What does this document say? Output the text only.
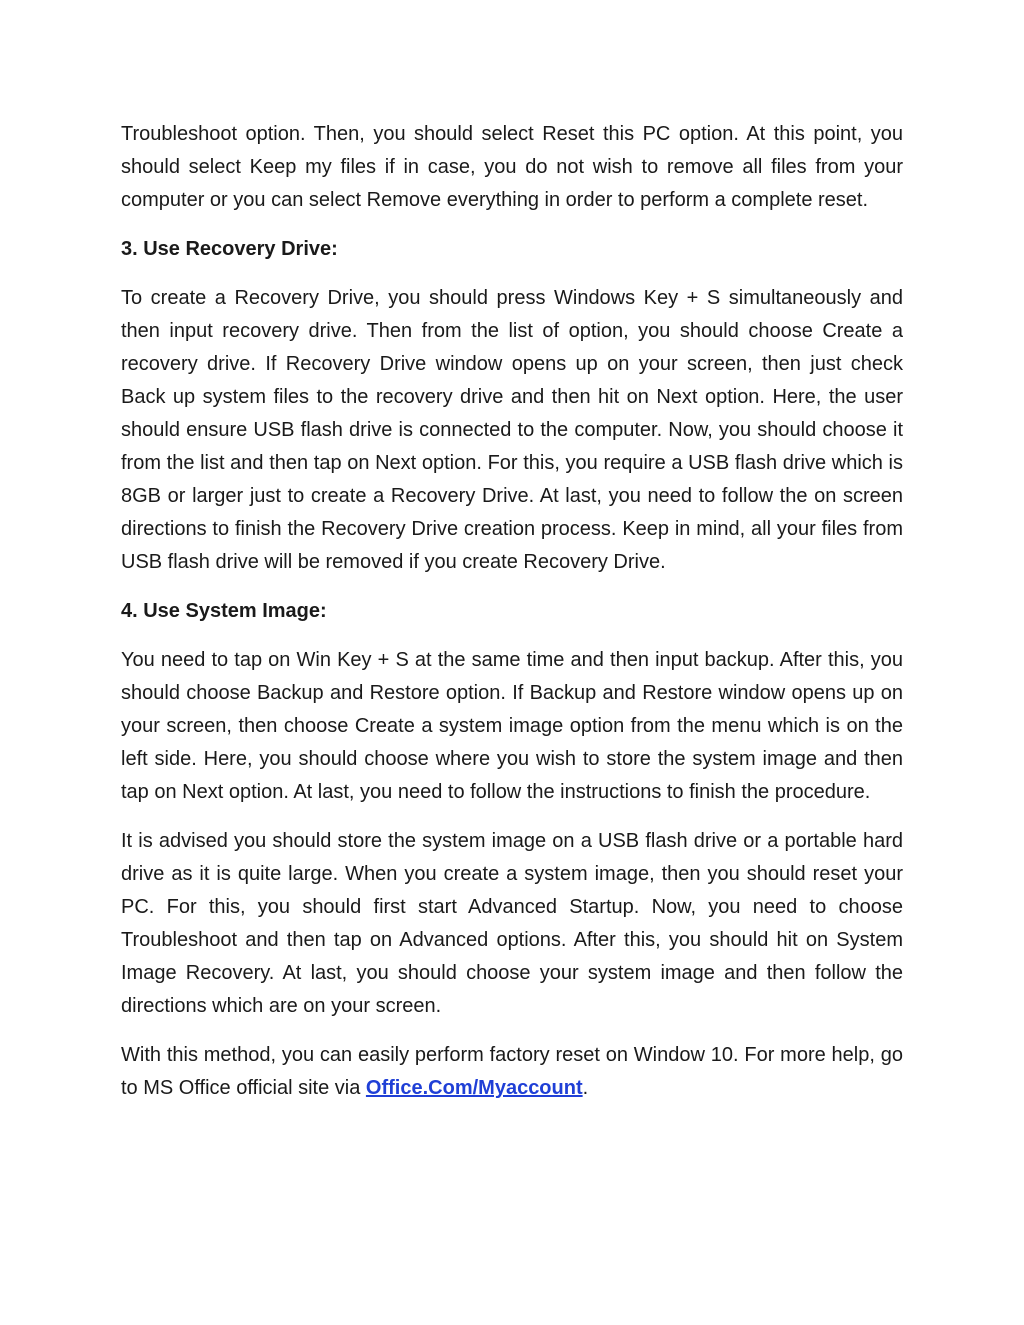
Troubleshoot option. Then, you should select Reset this PC option. At this point, you should select Keep my files if in case, you do not wish to remove all files from your computer or you can select Remove everything in order to perform a complete reset.

3. Use Recovery Drive:

To create a Recovery Drive, you should press Windows Key + S simultaneously and then input recovery drive. Then from the list of option, you should choose Create a recovery drive. If Recovery Drive window opens up on your screen, then just check Back up system files to the recovery drive and then hit on Next option. Here, the user should ensure USB flash drive is connected to the computer. Now, you should choose it from the list and then tap on Next option. For this, you require a USB flash drive which is 8GB or larger just to create a Recovery Drive. At last, you need to follow the on screen directions to finish the Recovery Drive creation process. Keep in mind, all your files from USB flash drive will be removed if you create Recovery Drive.

4. Use System Image:

You need to tap on Win Key + S at the same time and then input backup. After this, you should choose Backup and Restore option. If Backup and Restore window opens up on your screen, then choose Create a system image option from the menu which is on the left side. Here, you should choose where you wish to store the system image and then tap on Next option. At last, you need to follow the instructions to finish the procedure.

It is advised you should store the system image on a USB flash drive or a portable hard drive as it is quite large. When you create a system image, then you should reset your PC. For this, you should first start Advanced Startup. Now, you need to choose Troubleshoot and then tap on Advanced options. After this, you should hit on System Image Recovery. At last, you should choose your system image and then follow the directions which are on your screen.

With this method, you can easily perform factory reset on Window 10. For more help, go to MS Office official site via Office.Com/Myaccount.
